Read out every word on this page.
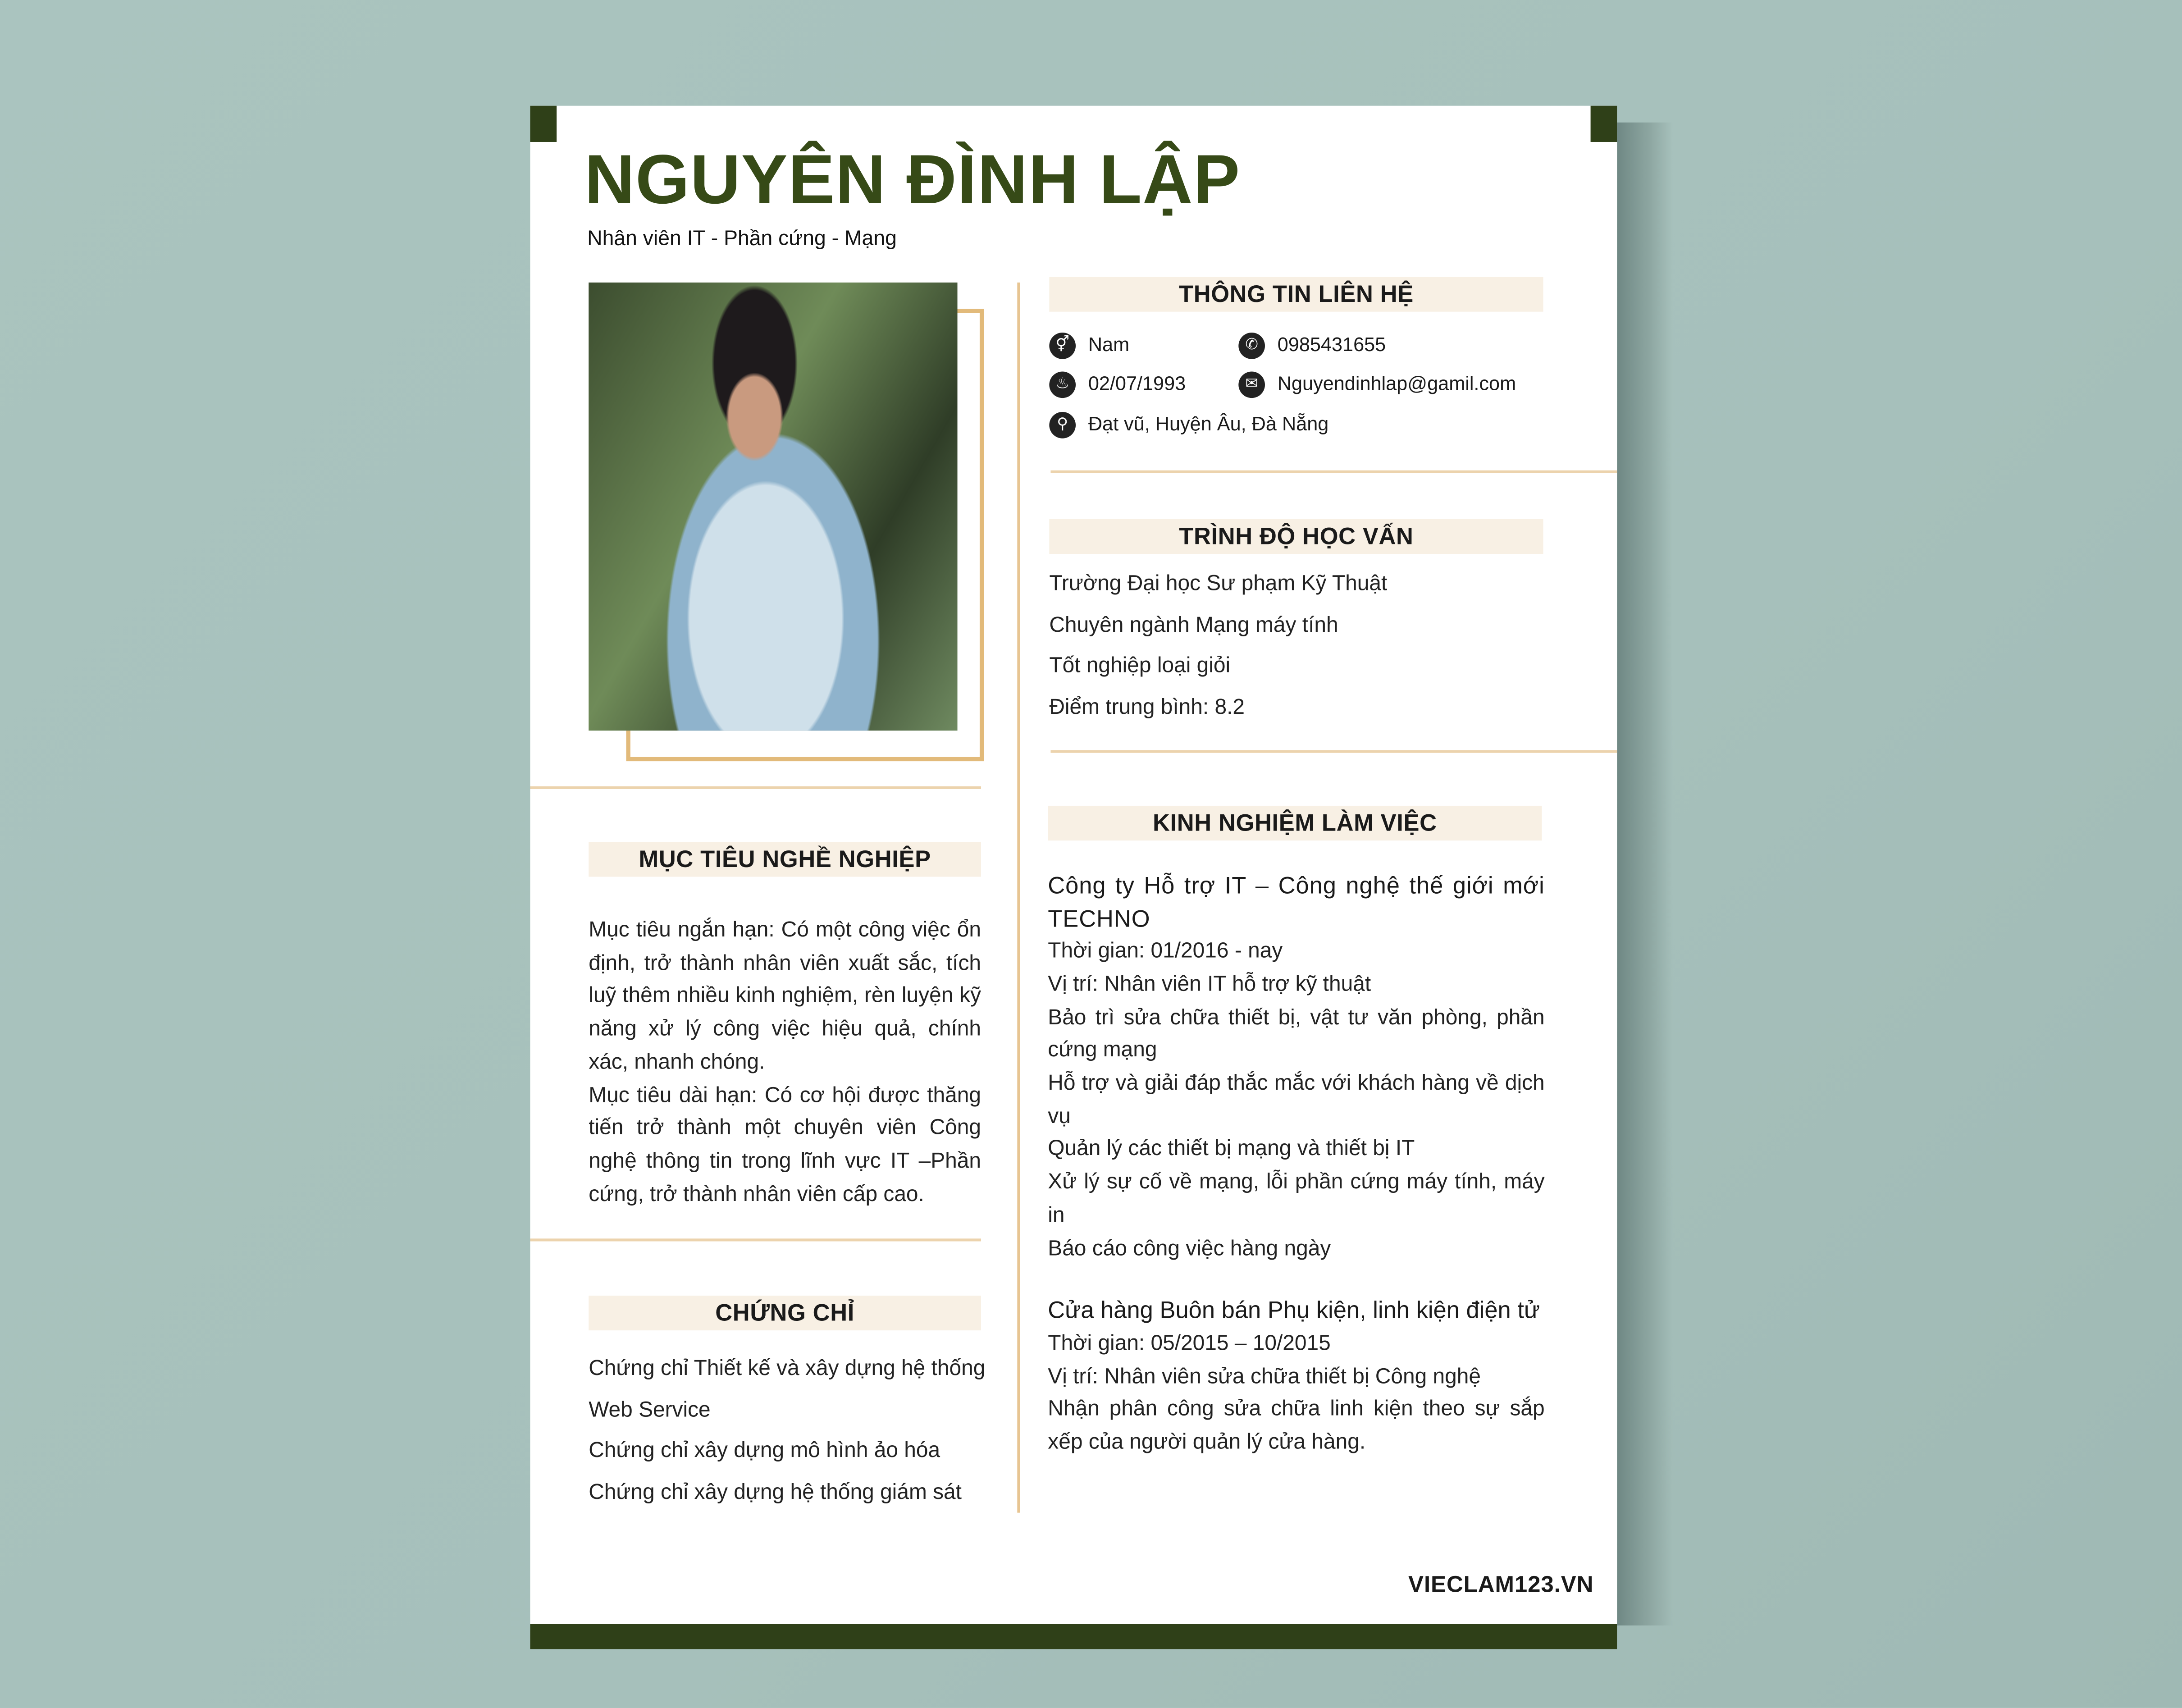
NGUYÊN ĐÌNH LẬP
Nhân viên IT - Phần cứng - Mạng
THÔNG TIN LIÊN HỆ
⚥	Nam	✆	0985431655
♨	02/07/1993	✉	Nguyendinhlap@gamil.com
⚲	Đạt vũ, Huyện Âu, Đà Nẵng
TRÌNH ĐỘ HỌC VẤN
Trường Đại học Sư phạm Kỹ Thuật
Chuyên ngành Mạng máy tính
Tốt nghiệp loại giỏi
Điểm trung bình: 8.2
KINH NGHIỆM LÀM VIỆC
Công ty Hỗ trợ IT – Công nghệ thế giới mới TECHNO
Thời gian: 01/2016 - nay
Vị trí: Nhân viên IT hỗ trợ kỹ thuật
Bảo trì sửa chữa thiết bị, vật tư văn phòng, phần cứng mạng
Hỗ trợ và giải đáp thắc mắc với khách hàng về dịch vụ
Quản lý các thiết bị mạng và thiết bị IT
Xử lý sự cố về mạng, lỗi phần cứng máy tính, máy in
Báo cáo công việc hàng ngày
Cửa hàng Buôn bán Phụ kiện, linh kiện điện tử
Thời gian: 05/2015 – 10/2015
Vị trí: Nhân viên sửa chữa thiết bị Công nghệ
Nhận phân công sửa chữa linh kiện theo sự sắp xếp của người quản lý cửa hàng.
MỤC TIÊU NGHỀ NGHIỆP
Mục tiêu ngắn hạn: Có một công việc ổn định, trở thành nhân viên xuất sắc, tích luỹ thêm nhiều kinh nghiệm, rèn luyện kỹ năng xử lý công việc hiệu quả, chính xác, nhanh chóng.
Mục tiêu dài hạn: Có cơ hội được thăng tiến trở thành một chuyên viên Công nghệ thông tin trong lĩnh vực IT –Phần cứng, trở thành nhân viên cấp cao.
CHỨNG CHỈ
Chứng chỉ Thiết kế và xây dựng hệ thống Web Service
Chứng chỉ xây dựng mô hình ảo hóa
Chứng chỉ xây dựng hệ thống giám sát
VIECLAM123.VN
